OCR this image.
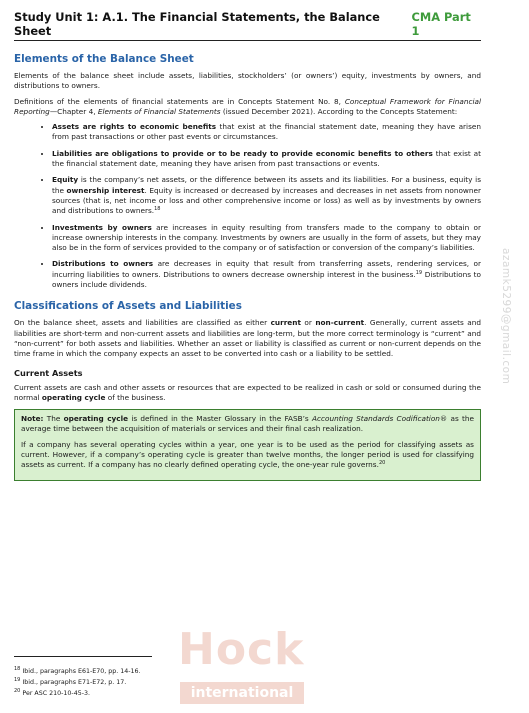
Study Unit 1: A.1. The Financial Statements, the Balance Sheet
CMA Part 1
Elements of the Balance Sheet

Elements of the balance sheet include assets, liabilities, stockholders’ (or owners’) equity, investments by owners, and distributions to owners.

Definitions of the elements of financial statements are in Concepts Statement No. 8, Conceptual Framework for Financial Reporting—Chapter 4, Elements of Financial Statements (issued December 2021). According to the Concepts Statement:

• Assets are rights to economic benefits that exist at the financial statement date, meaning they have arisen from past transactions or other past events or circumstances.
• Liabilities are obligations to provide or to be ready to provide economic benefits to others that exist at the financial statement date, meaning they have arisen from past transactions or events.
• Equity is the company’s net assets, or the difference between its assets and its liabilities. For a business, equity is the ownership interest. Equity is increased or decreased by increases and decreases in net assets from nonowner sources (that is, net income or loss and other comprehensive income or loss) as well as by investments by owners and distributions to owners.$^{18}$
• Investments by owners are increases in equity resulting from transfers made to the company to obtain or increase ownership interests in the company. Investments by owners are usually in the form of assets, but they may also be in the form of services provided to the company or of satisfaction or conversion of the company’s liabilities.
• Distributions to owners are decreases in equity that result from transferring assets, rendering services, or incurring liabilities to owners. Distributions to owners decrease ownership interest in the business.$^{19}$ Distributions to owners include dividends.
Classifications of Assets and Liabilities

On the balance sheet, assets and liabilities are classified as either current or non-current. Generally, current assets and liabilities are short-term and non-current assets and liabilities are long-term, but the more correct terminology is “current” and “non-current” for both assets and liabilities. Whether an asset or liability is classified as current or non-current depends on the time frame in which the company expects an asset to be converted into cash or a liability to be settled.

Current Assets

Current assets are cash and other assets or resources that are expected to be realized in cash or sold or consumed during the normal operating cycle of the business.

Note: The operating cycle is defined in the Master Glossary in the FASB’s Accounting Standards Codification® as the average time between the acquisition of materials or services and their final cash realization.

If a company has several operating cycles within a year, one year is to be used as the period for classifying assets as current. However, if a company’s operating cycle is greater than twelve months, the longer period is used for classifying assets as current. If a company has no clearly defined operating cycle, the one-year rule governs.$^{20}$

Hock
international
$^{18}$ Ibid., paragraphs E61-E70, pp. 14-16.
$^{19}$ Ibid., paragraphs E71-E72, p. 17.
$^{20}$ Per ASC 210-10-45-3.
azamk5299@gmail.com
